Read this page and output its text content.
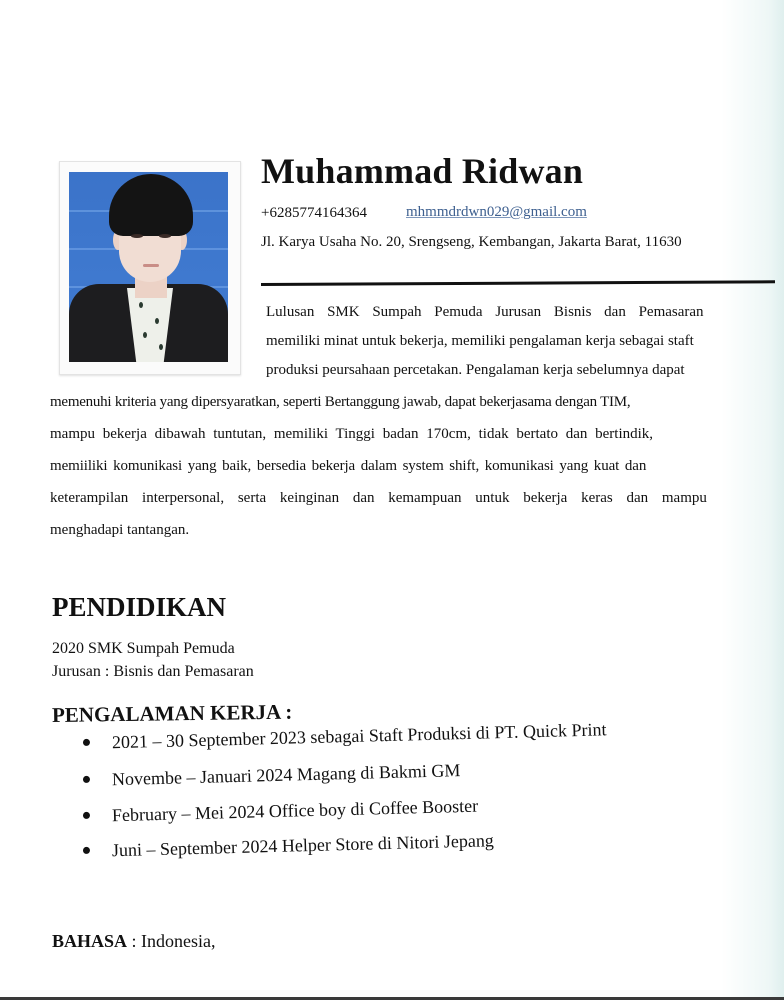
Muhammad Ridwan
+6285774164364	mhmmdrdwn029@gmail.com
Jl. Karya Usaha No. 20, Srengseng, Kembangan, Jakarta Barat, 11630
Lulusan SMK Sumpah Pemuda Jurusan Bisnis dan Pemasaran
memiliki minat untuk bekerja, memiliki pengalaman kerja sebagai staft
produksi peursahaan percetakan. Pengalaman kerja sebelumnya dapat
memenuhi kriteria yang dipersyaratkan, seperti Bertanggung jawab, dapat bekerjasama dengan TIM,
mampu bekerja dibawah tuntutan, memiliki Tinggi badan 170cm, tidak bertato dan bertindik,
memiiliki komunikasi yang baik, bersedia bekerja dalam system shift, komunikasi yang kuat dan
keterampilan interpersonal, serta keinginan dan kemampuan untuk bekerja keras dan mampu
menghadapi tantangan.
PENDIDIKAN
2020 SMK Sumpah Pemuda
Jurusan : Bisnis dan Pemasaran
PENGALAMAN KERJA :
2021 – 30 September 2023 sebagai Staft Produksi di PT. Quick Print
Novembe – Januari 2024 Magang di Bakmi GM
February – Mei 2024 Office boy di Coffee Booster
Juni – September 2024 Helper Store di Nitori Jepang
BAHASA : Indonesia,
